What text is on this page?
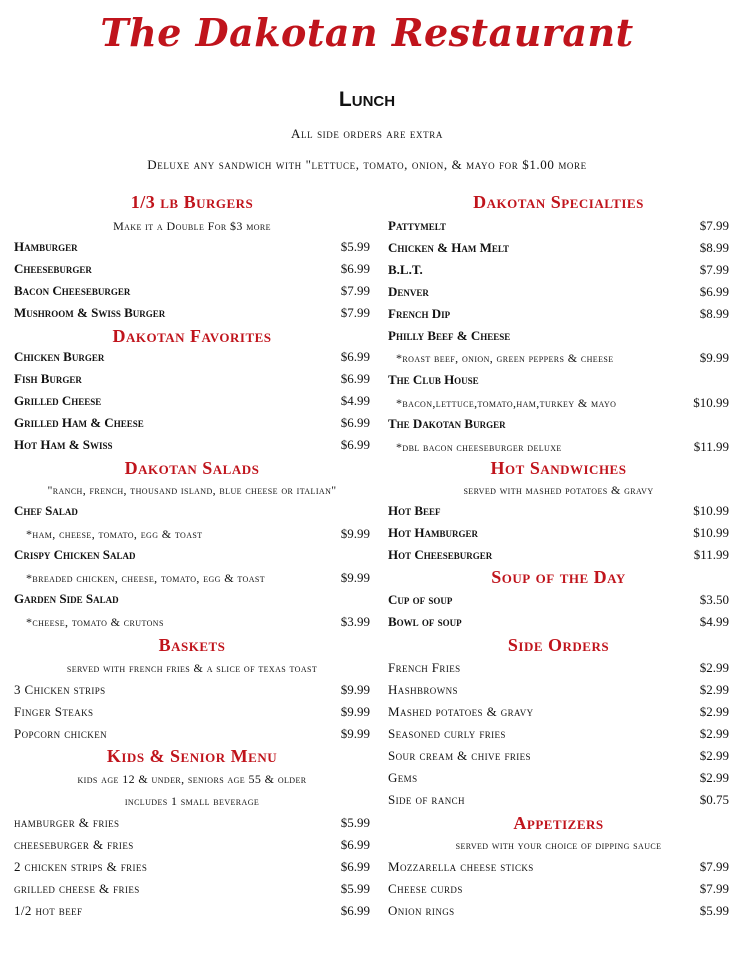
The Dakotan Restaurant
Lunch
All side orders are extra
Deluxe any sandwich with "lettuce, tomato, onion, & mayo for $1.00 more
1/3 lb Burgers
Make it a Double For $3 more
Hamburger	$5.99
Cheeseburger	$6.99
Bacon Cheeseburger	$7.99
Mushroom & Swiss Burger	$7.99
Dakotan Favorites
Chicken Burger	$6.99
Fish Burger	$6.99
Grilled Cheese	$4.99
Grilled Ham & Cheese	$6.99
Hot Ham & Swiss	$6.99
Dakotan Salads
"ranch, french, thousand island, blue cheese or italian"
Chef Salad
*ham, cheese, tomato, egg & toast	$9.99
Crispy Chicken Salad
*breaded chicken, cheese, tomato, egg & toast	$9.99
Garden Side Salad
*cheese, tomato & crutons	$3.99
Baskets
served with french fries & a slice of texas toast
3 Chicken strips	$9.99
Finger Steaks	$9.99
Popcorn chicken	$9.99
Kids & Senior Menu
kids age 12 & under, seniors age 55 & older
includes 1 small beverage
hamburger & fries	$5.99
cheeseburger & fries	$6.99
2 chicken strips & fries	$6.99
grilled cheese & fries	$5.99
1/2 hot beef	$6.99
Dakotan Specialties
Pattymelt	$7.99
Chicken & Ham Melt	$8.99
B.L.T.	$7.99
Denver	$6.99
French Dip	$8.99
Philly Beef & Cheese
*roast beef, onion, green peppers & cheese	$9.99
The Club House
*bacon,lettuce,tomato,ham,turkey & mayo	$10.99
The Dakotan Burger
*dbl bacon cheeseburger deluxe	$11.99
Hot Sandwiches
served with mashed potatoes & gravy
Hot Beef	$10.99
Hot Hamburger	$10.99
Hot Cheeseburger	$11.99
Soup of the Day
Cup of soup	$3.50
Bowl of soup	$4.99
Side Orders
French Fries	$2.99
Hashbrowns	$2.99
Mashed potatoes & gravy	$2.99
Seasoned curly fries	$2.99
Sour cream & chive fries	$2.99
Gems	$2.99
Side of ranch	$0.75
Appetizers
served with your choice of dipping sauce
Mozzarella cheese sticks	$7.99
Cheese curds	$7.99
Onion rings	$5.99
